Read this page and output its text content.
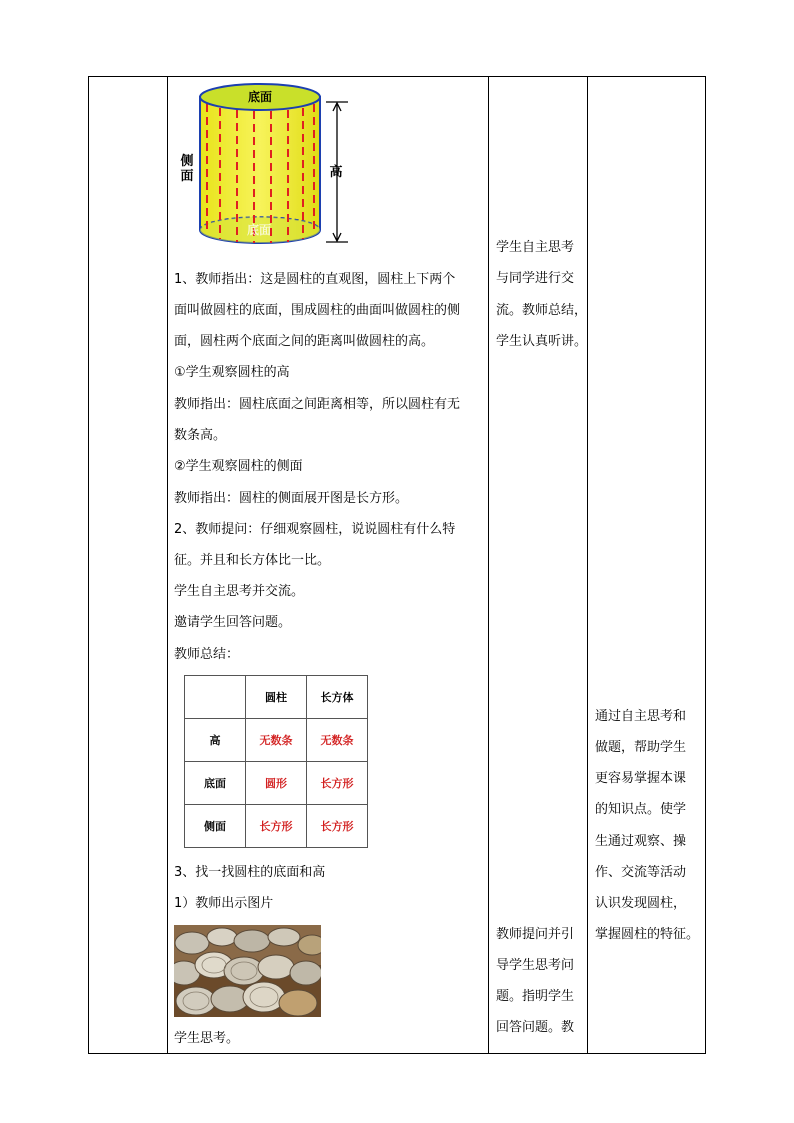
底面
底面
侧
面	高
1、教师指出：这是圆柱的直观图，圆柱上下两个
面叫做圆柱的底面，围成圆柱的曲面叫做圆柱的侧
面，圆柱两个底面之间的距离叫做圆柱的高。
①学生观察圆柱的高
教师指出：圆柱底面之间距离相等，所以圆柱有无
数条高。
②学生观察圆柱的侧面
教师指出：圆柱的侧面展开图是长方形。
2、教师提问：仔细观察圆柱，说说圆柱有什么特
征。并且和长方体比一比。
学生自主思考并交流。
邀请学生回答问题。
教师总结：
3、找一找圆柱的底面和高
1）教师出示图片
学生思考。
	圆柱	长方体
高	无数条	无数条
底面	圆形	长方形
侧面	长方形	长方形
学生自主思考
与同学进行交
流。教师总结，
学生认真听讲。
教师提问并引
导学生思考问
题。指明学生
回答问题。教
通过自主思考和
做题，帮助学生
更容易掌握本课
的知识点。使学
生通过观察、操
作、交流等活动
认识发现圆柱，
掌握圆柱的特征。
